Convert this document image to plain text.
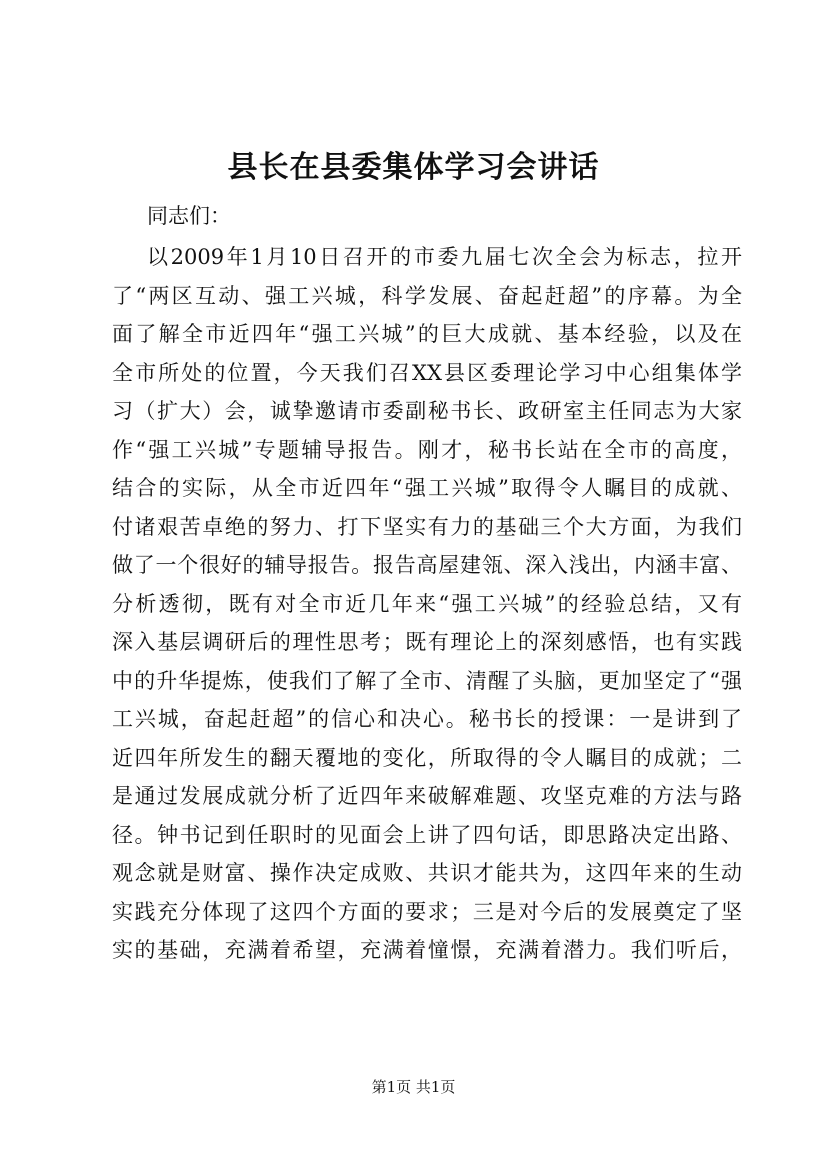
县长在县委集体学习会讲话

同志们：

以2009年1月10日召开的市委九届七次全会为标志，拉开
了“两区互动、强工兴城，科学发展、奋起赶超”的序幕。为全
面了解全市近四年“强工兴城”的巨大成就、基本经验，以及在
全市所处的位置，今天我们召XX县区委理论学习中心组集体学
习（扩大）会，诚挚邀请市委副秘书长、政研室主任同志为大家
作“强工兴城”专题辅导报告。刚才，秘书长站在全市的高度，
结合的实际，从全市近四年“强工兴城”取得令人瞩目的成就、
付诸艰苦卓绝的努力、打下坚实有力的基础三个大方面，为我们
做了一个很好的辅导报告。报告高屋建瓴、深入浅出，内涵丰富、
分析透彻，既有对全市近几年来“强工兴城”的经验总结，又有
深入基层调研后的理性思考；既有理论上的深刻感悟，也有实践
中的升华提炼，使我们了解了全市、清醒了头脑，更加坚定了“强
工兴城，奋起赶超”的信心和决心。秘书长的授课：一是讲到了
近四年所发生的翻天覆地的变化，所取得的令人瞩目的成就；二
是通过发展成就分析了近四年来破解难题、攻坚克难的方法与路
径。钟书记到任职时的见面会上讲了四句话，即思路决定出路、
观念就是财富、操作决定成败、共识才能共为，这四年来的生动
实践充分体现了这四个方面的要求；三是对今后的发展奠定了坚
实的基础，充满着希望，充满着憧憬，充满着潜力。我们听后，

第1页 共1页
